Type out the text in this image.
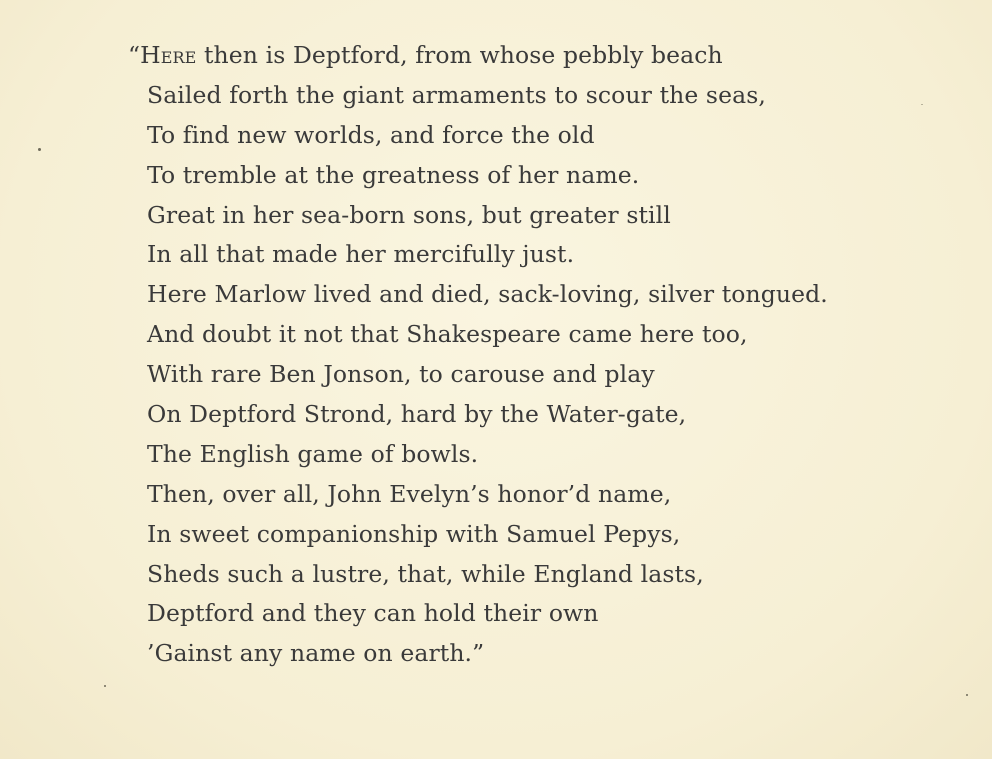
“Here then is Deptford, from whose pebbly beach
Sailed forth the giant armaments to scour the seas,
To find new worlds, and force the old
To tremble at the greatness of her name.
Great in her sea-born sons, but greater still
In all that made her mercifully just.
Here Marlow lived and died, sack-loving, silver tongued.
And doubt it not that Shakespeare came here too,
With rare Ben Jonson, to carouse and play
On Deptford Strond, hard by the Water-gate,
The English game of bowls.
Then, over all, John Evelyn’s honor’d name,
In sweet companionship with Samuel Pepys,
Sheds such a lustre, that, while England lasts,
Deptford and they can hold their own
’Gainst any name on earth.”
